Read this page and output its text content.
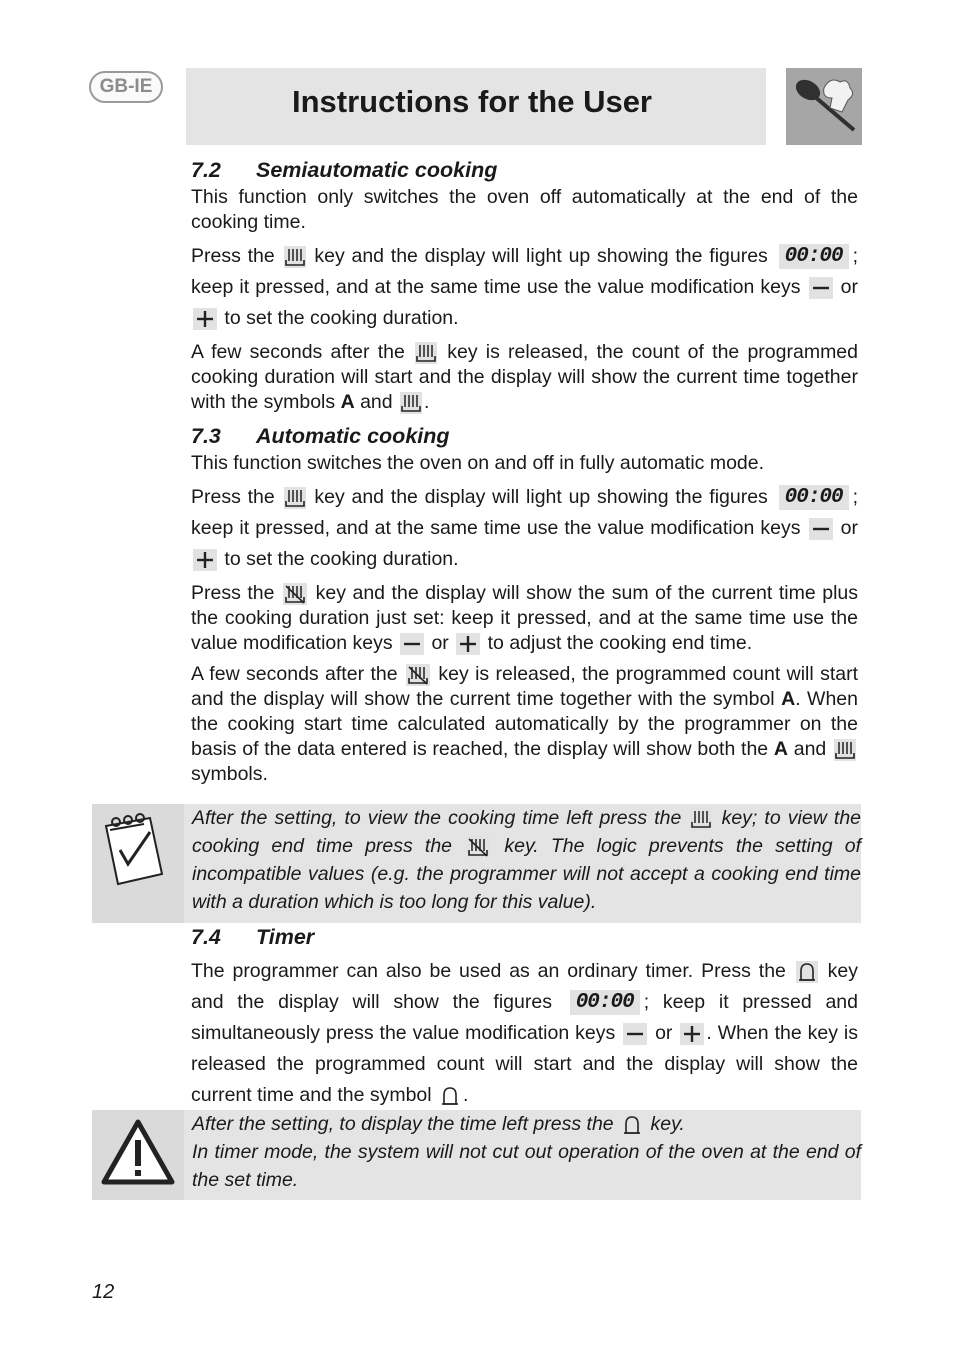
GB-IE	Instructions for the User
7.2 Semiautomatic cooking

This function only switches the oven off automatically at the end of the cooking time.

Press the key and the display will light up showing the figures 00:00 ; keep it pressed, and at the same time use the value modification keys or
to set the cooking duration.

A few seconds after the key is released, the count of the programmed cooking duration will start and the display will show the current time together with the symbols A and .

7.3 Automatic cooking

This function switches the oven on and off in fully automatic mode.

Press the key and the display will light up showing the figures 00:00 ; keep it pressed, and at the same time use the value modification keys or
to set the cooking duration.

Press the key and the display will show the sum of the current time plus the cooking duration just set: keep it pressed, and at the same time use the value modification keys or to adjust the cooking end time.

A few seconds after the key is released, the programmed count will start and the display will show the current time together with the symbol A. When the cooking start time calculated automatically by the programmer on the basis of the data entered is reached, the display will show both the A and
symbols.

After the setting, to view the cooking time left press the key; to view the cooking end time press the	key. The logic prevents the setting of incompatible values (e.g. the programmer will not accept a cooking end time with a duration which is too long for this value).
7.4 Timer

The programmer can also be used as an ordinary timer. Press the key and the display will show the figures 00:00 ; keep it pressed and simultaneously press the value modification keys or . When the key is released the programmed count will start and the display will show the current time and the symbol .

After the setting, to display the time left press the key.
In timer mode, the system will not cut out operation of the oven at the end of the set time.
12
